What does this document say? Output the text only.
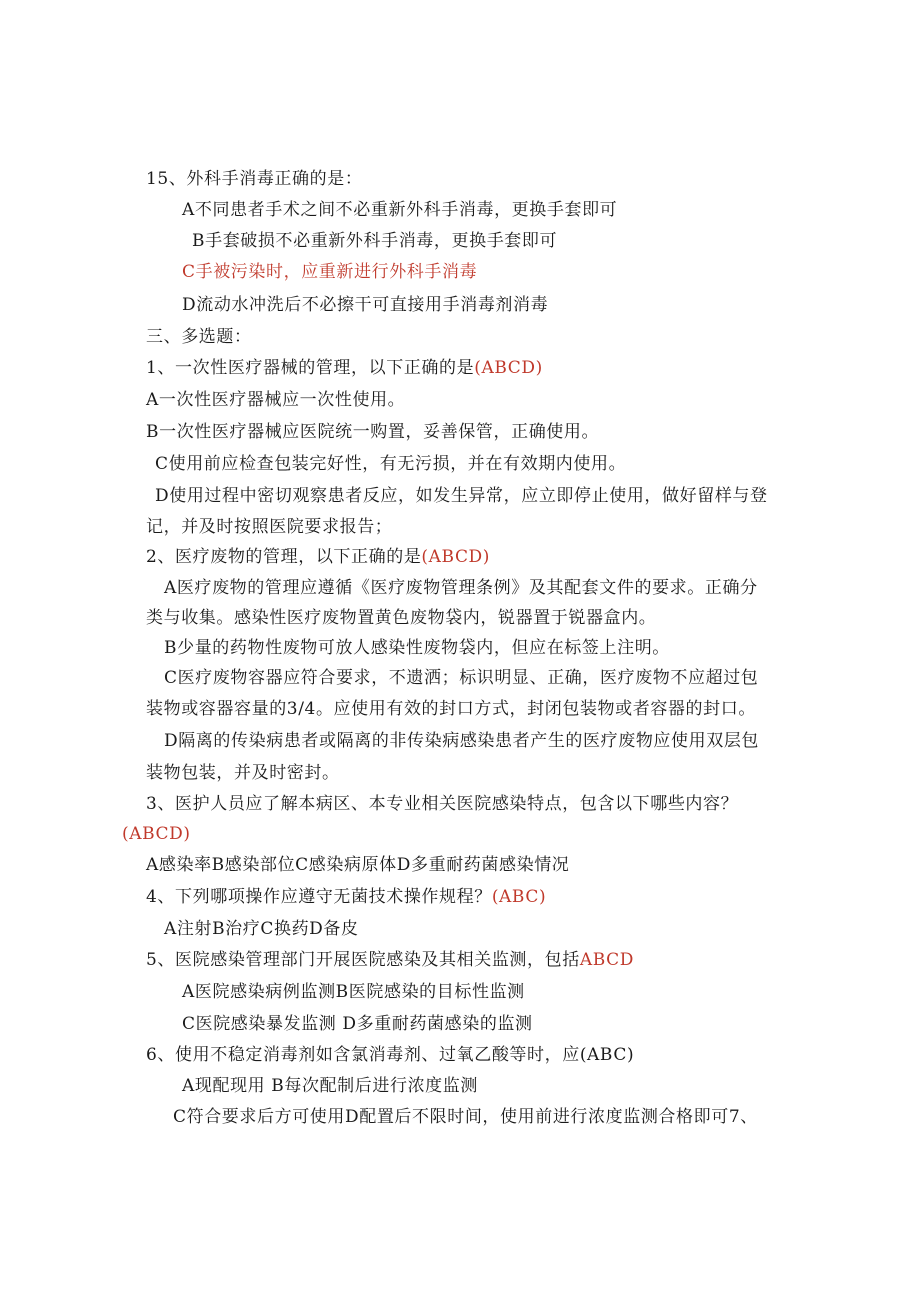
15、外科手消毒正确的是：
A不同患者手术之间不必重新外科手消毒，更换手套即可
B手套破损不必重新外科手消毒，更换手套即可
C手被污染时，应重新进行外科手消毒
D流动水冲洗后不必擦干可直接用手消毒剂消毒
三、多选题：
1、一次性医疗器械的管理，以下正确的是(ABCD)
A一次性医疗器械应一次性使用。
B一次性医疗器械应医院统一购置，妥善保管，正确使用。
C使用前应检查包装完好性，有无污损，并在有效期内使用。
D使用过程中密切观察患者反应，如发生异常，应立即停止使用，做好留样与登
记，并及时按照医院要求报告；
2、医疗废物的管理，以下正确的是(ABCD)
A医疗废物的管理应遵循《医疗废物管理条例》及其配套文件的要求。正确分
类与收集。感染性医疗废物置黄色废物袋内，锐器置于锐器盒内。
B少量的药物性废物可放人感染性废物袋内，但应在标签上注明。
C医疗废物容器应符合要求，不遗洒；标识明显、正确，医疗废物不应超过包
装物或容器容量的3/4。应使用有效的封口方式，封闭包装物或者容器的封口。
D隔离的传染病患者或隔离的非传染病感染患者产生的医疗废物应使用双层包
装物包装，并及时密封。
3、医护人员应了解本病区、本专业相关医院感染特点，包含以下哪些内容？
(ABCD)
A感染率B感染部位C感染病原体D多重耐药菌感染情况
4、下列哪项操作应遵守无菌技术操作规程？(ABC)
A注射B治疗C换药D备皮
5、医院感染管理部门开展医院感染及其相关监测，包括ABCD
A医院感染病例监测B医院感染的目标性监测
C医院感染暴发监测 D多重耐药菌感染的监测
6、使用不稳定消毒剂如含氯消毒剂、过氧乙酸等时，应(ABC)
A现配现用 B每次配制后进行浓度监测
C符合要求后方可使用D配置后不限时间，使用前进行浓度监测合格即可7、
